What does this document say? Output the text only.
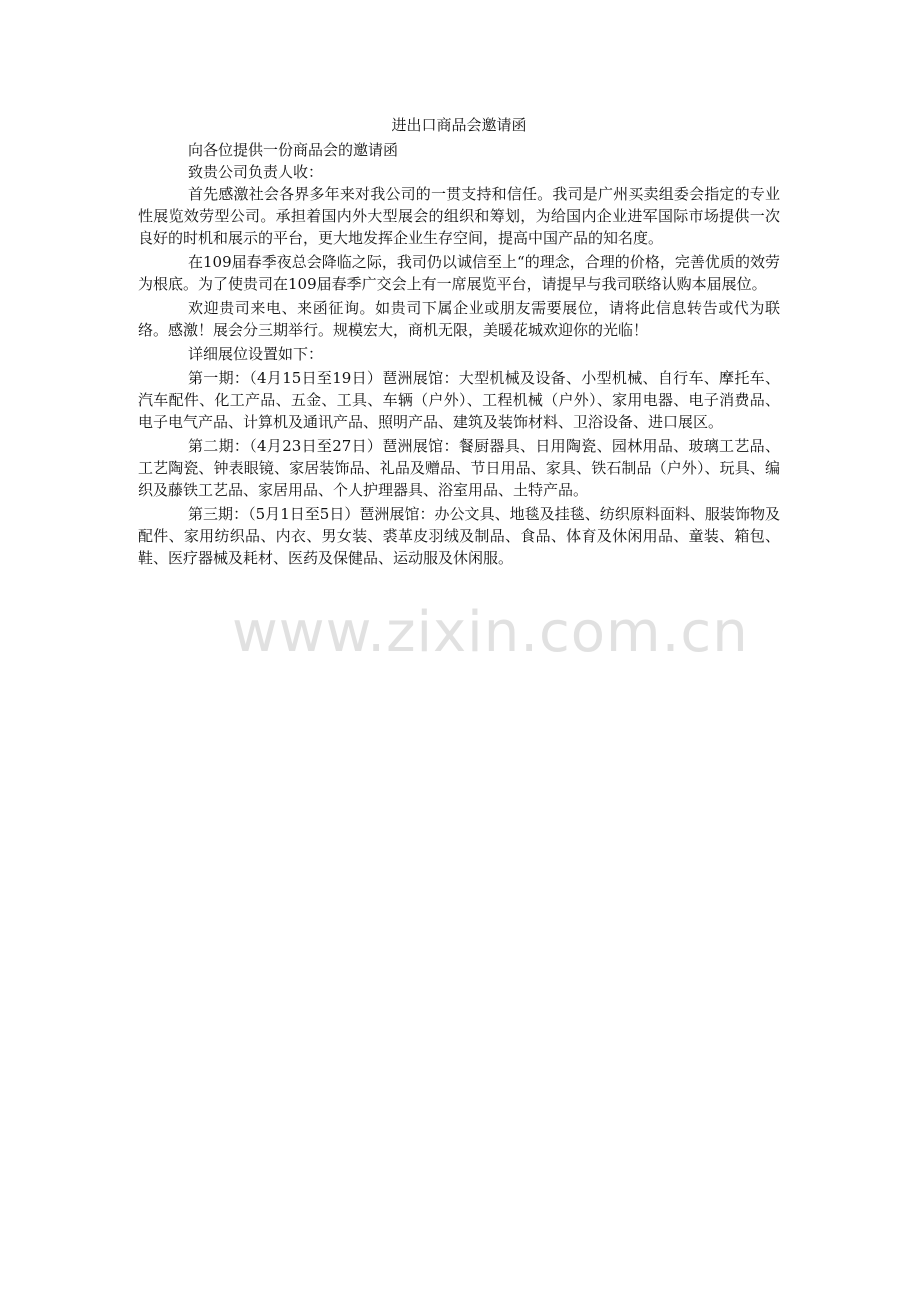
进出口商品会邀请函
向各位提供一份商品会的邀请函
致贵公司负责人收：

首先感激社会各界多年来对我公司的一贯支持和信任。我司是广州买卖组委会指定的专业性展览效劳型公司。承担着国内外大型展会的组织和筹划，为给国内企业进军国际市场提供一次良好的时机和展示的平台，更大地发挥企业生存空间，提高中国产品的知名度。

在109届春季夜总会降临之际，我司仍以诚信至上“的理念，合理的价格，完善优质的效劳为根底。为了使贵司在109届春季广交会上有一席展览平台，请提早与我司联络认购本届展位。

欢迎贵司来电、来函征询。如贵司下属企业或朋友需要展位，请将此信息转告或代为联络。感激！展会分三期举行。规模宏大，商机无限，美暖花城欢迎你的光临！

详细展位设置如下：

第一期：（4月15日至19日）琶洲展馆：大型机械及设备、小型机械、自行车、摩托车、汽车配件、化工产品、五金、工具、车辆（户外）、工程机械（户外）、家用电器、电子消费品、电子电气产品、计算机及通讯产品、照明产品、建筑及装饰材料、卫浴设备、进口展区。

第二期：（4月23日至27日）琶洲展馆：餐厨器具、日用陶瓷、园林用品、玻璃工艺品、工艺陶瓷、钟表眼镜、家居装饰品、礼品及赠品、节日用品、家具、铁石制品（户外）、玩具、编织及藤铁工艺品、家居用品、个人护理器具、浴室用品、土特产品。

第三期：（5月1日至5日）琶洲展馆：办公文具、地毯及挂毯、纺织原料面料、服装饰物及配件、家用纺织品、内衣、男女装、裘革皮羽绒及制品、食品、体育及休闲用品、童装、箱包、鞋、医疗器械及耗材、医药及保健品、运动服及休闲服。

www.zixin.com.cn
